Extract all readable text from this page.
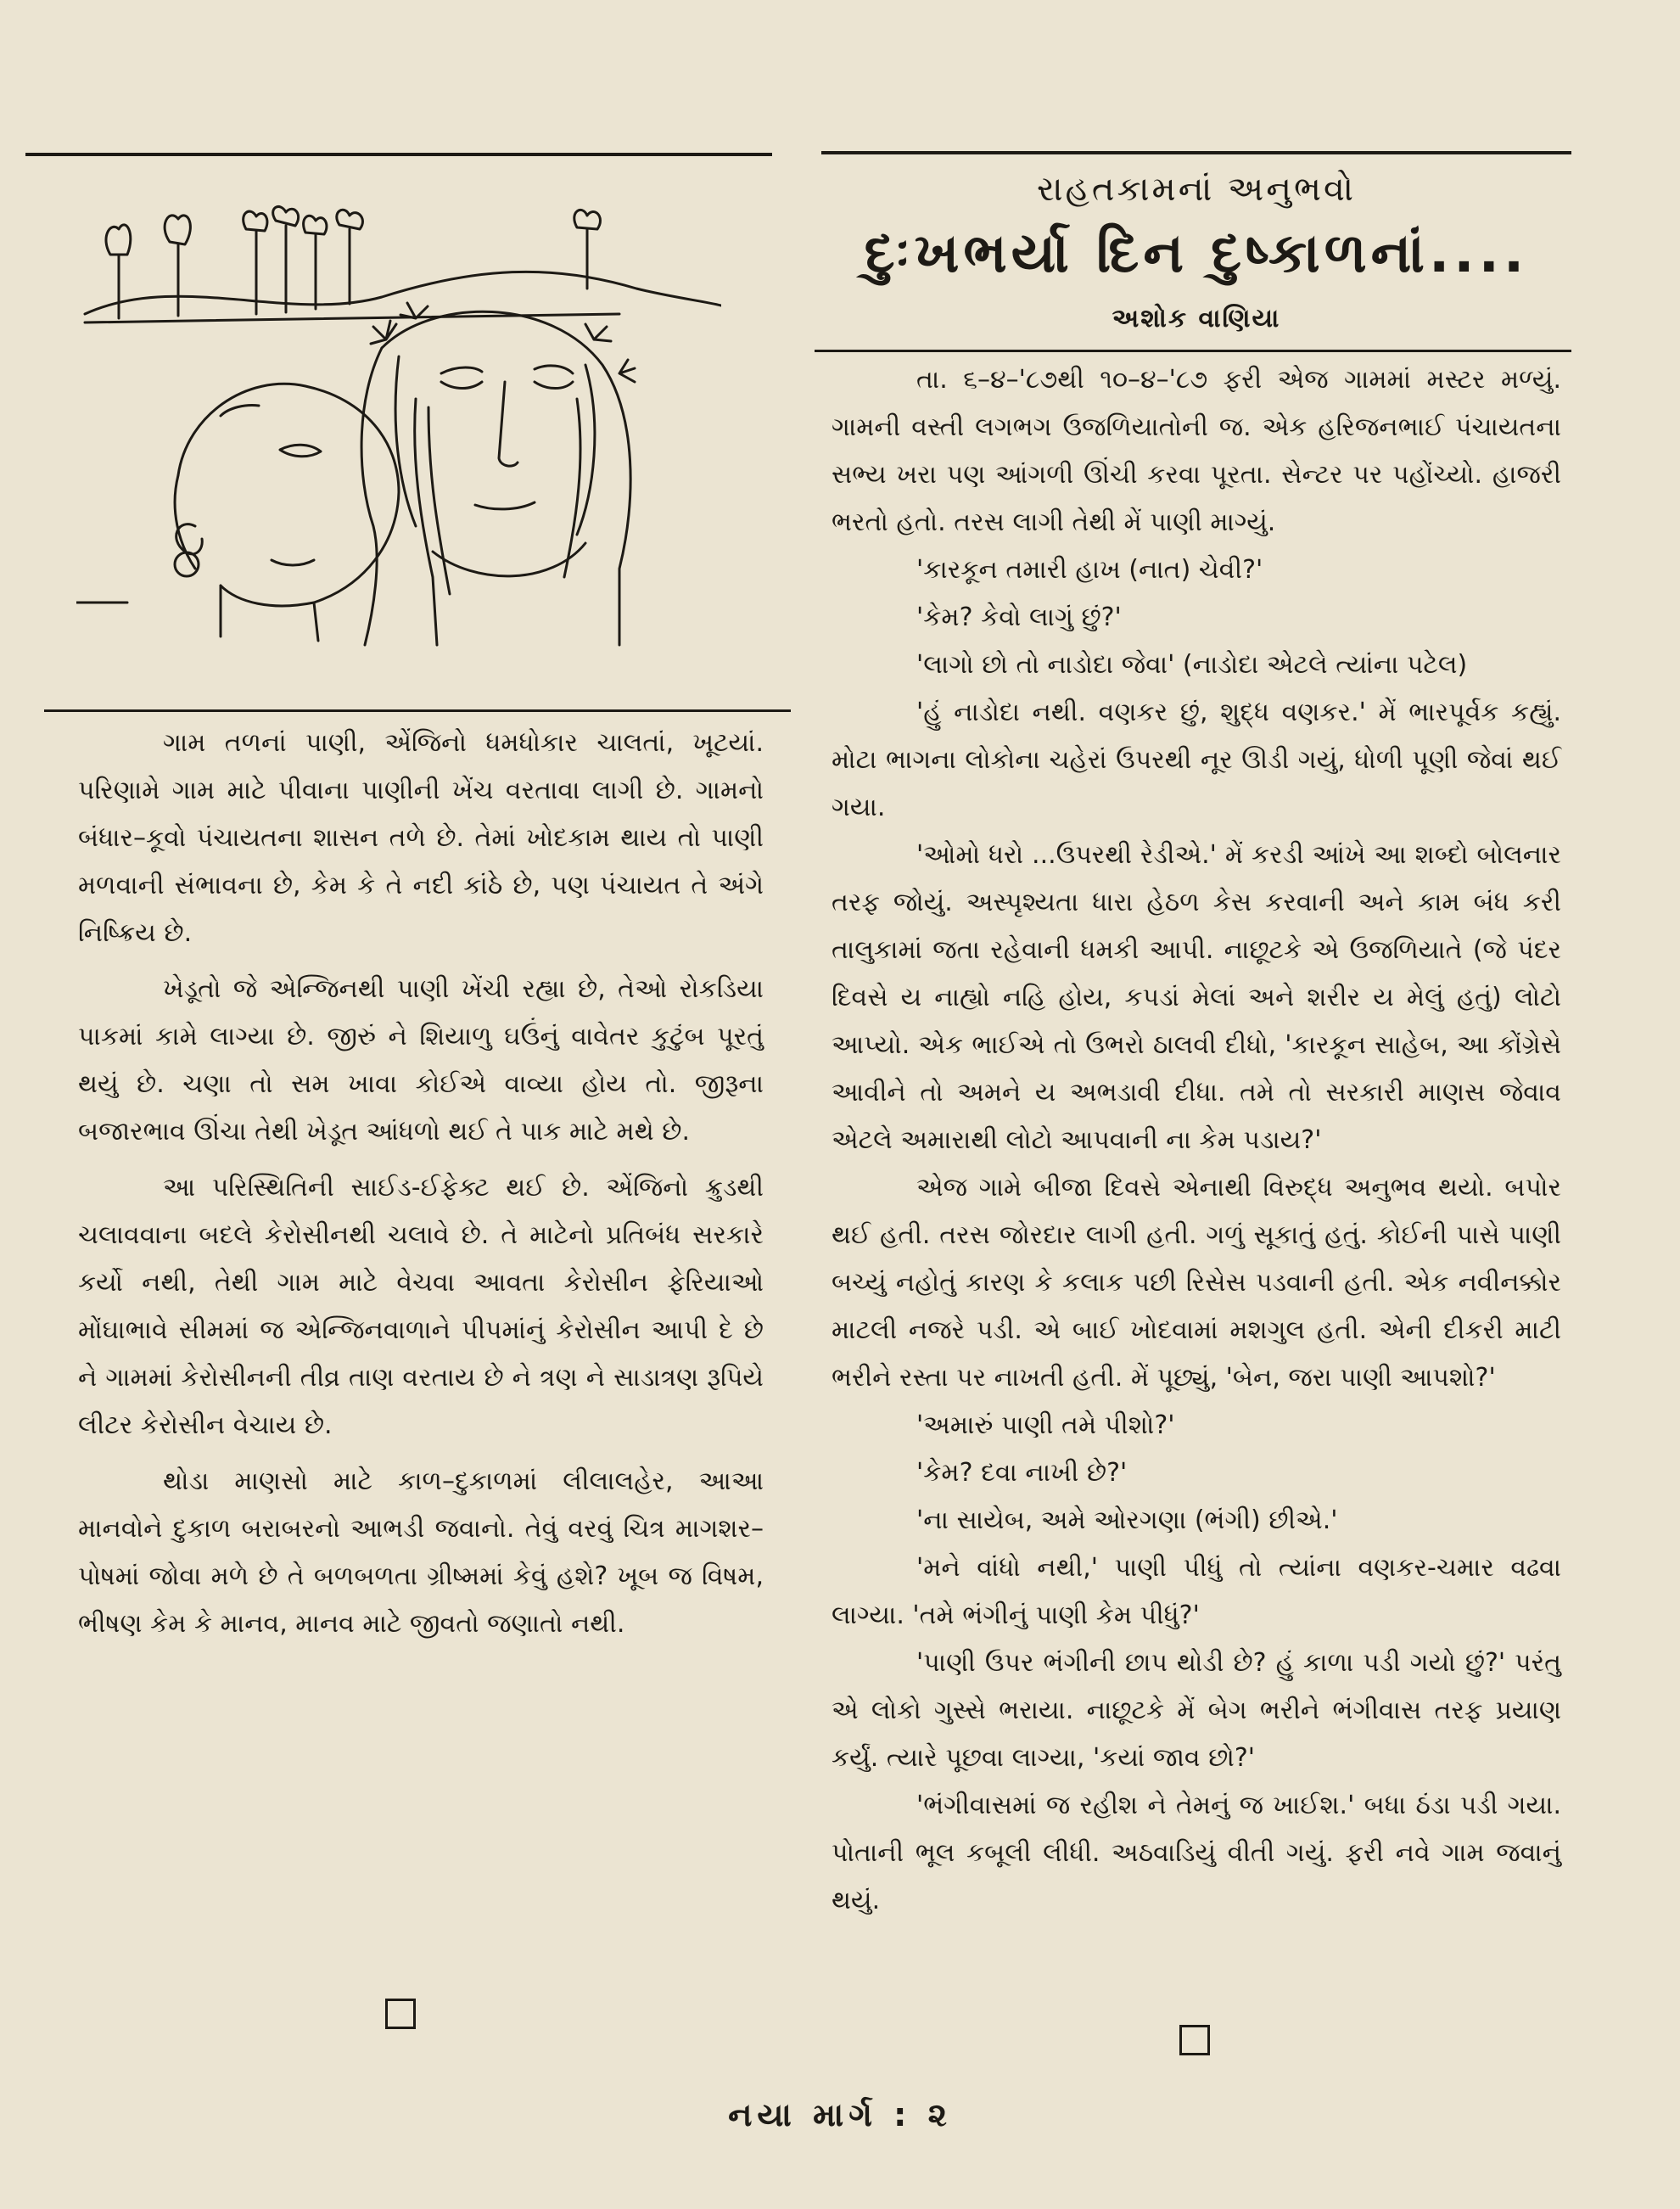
ગામ તળનાં પાણી, એંજિનો ધમધોકાર ચાલતાં, ખૂટયાં. પરિણામે ગામ માટે પીવાના પાણીની ખેંચ વરતાવા લાગી છે. ગામનો બંધાર–કૂવો પંચાયતના શાસન તળે છે. તેમાં ખોદકામ થાય તો પાણી મળવાની સંભાવના છે, કેમ કે તે નદી કાંઠે છે, પણ પંચાયત તે અંગે નિષ્ક્રિય છે.

ખેડૂતો જે એન્જિનથી પાણી ખેંચી રહ્યા છે, તેઓ રોકડિયા પાકમાં કામે લાગ્યા છે. જીરું ને શિયાળુ ઘઉંનું વાવેતર કુટુંબ પૂરતું થયું છે. ચણા તો સમ ખાવા કોઈએ વાવ્યા હોય તો. જીરૂના બજારભાવ ઊંચા તેથી ખેડૂત આંધળો થઈ તે પાક માટે મથે છે.

આ પરિસ્થિતિની સાઈડ-ઈફેક્ટ થઈ છે. એંજિનો ક્રુડથી ચલાવવાના બદલે કેરોસીનથી ચલાવે છે. તે માટેનો પ્રતિબંધ સરકારે કર્યો નથી, તેથી ગામ માટે વેચવા આવતા કેરોસીન ફેરિયાઓ મોંઘાભાવે સીમમાં જ એન્જિનવાળાને પીપમાંનું કેરોસીન આપી દે છે ને ગામમાં કેરોસીનની તીવ્ર તાણ વરતાય છે ને ત્રણ ને સાડાત્રણ રૂપિયે લીટર કેરોસીન વેચાય છે.

થોડા માણસો માટે કાળ–દુકાળમાં લીલાલહેર, આઆ માનવોને દુકાળ બરાબરનો આભડી જવાનો. તેવું વરવું ચિત્ર માગશર–પોષમાં જોવા મળે છે તે બળબળતા ગ્રીષ્મમાં કેવું હશે? ખૂબ જ વિષમ, ભીષણ કેમ કે માનવ, માનવ માટે જીવતો જણાતો નથી.

રાહતકામનાં અનુભવો
દુઃખભર્યા દિન દુષ્કાળનાં....
અશોક વાણિયા

તા. ૬–૪–'૮૭થી ૧૦–૪–'૮૭ ફરી એજ ગામમાં મસ્ટર મળ્યું. ગામની વસ્તી લગભગ ઉજળિયાતોની જ. એક હરિજનભાઈ પંચાયતના સભ્ય ખરા પણ આંગળી ઊંચી કરવા પૂરતા. સેન્ટર પર પહોંચ્યો. હાજરી ભરતો હતો. તરસ લાગી તેથી મેં પાણી માગ્યું.

'કારકૂન તમારી હાખ (નાત) ચેવી?'

'કેમ? કેવો લાગું છું?'

'લાગો છો તો નાડોદા જેવા' (નાડોદા એટલે ત્યાંના પટેલ)

'હું નાડોદા નથી. વણકર છું, શુદ્ધ વણકર.' મેં ભારપૂર્વક કહ્યું. મોટા ભાગના લોકોના ચહેરાં ઉપરથી નૂર ઊડી ગયું, ધોળી પૂણી જેવાં થઈ ગયા.

'ઓમો ધરો ...ઉપરથી રેડીએ.' મેં કરડી આંખે આ શબ્દો બોલનાર તરફ જોયું. અસ્પૃશ્યતા ધારા હેઠળ કેસ કરવાની અને કામ બંધ કરી તાલુકામાં જતા રહેવાની ધમકી આપી. નાછૂટકે એ ઉજળિયાતે (જે પંદર દિવસે ય નાહ્યો નહિ હોય, કપડાં મેલાં અને શરીર ય મેલું હતું) લોટો આપ્યો. એક ભાઈએ તો ઉભરો ઠાલવી દીધો, 'કારકૂન સાહેબ, આ કોંગ્રેસે આવીને તો અમને ય અભડાવી દીધા. તમે તો સરકારી માણસ જેવાવ એટલે અમારાથી લોટો આપવાની ના કેમ પડાય?'

એજ ગામે બીજા દિવસે એનાથી વિરુદ્ધ અનુભવ થયો. બપોર થઈ હતી. તરસ જોરદાર લાગી હતી. ગળું સૂકાતું હતું. કોઈની પાસે પાણી બચ્યું નહોતું કારણ કે કલાક પછી રિસેસ પડવાની હતી. એક નવીનક્કોર માટલી નજરે પડી. એ બાઈ ખોદવામાં મશગુલ હતી. એની દીકરી માટી ભરીને રસ્તા પર નાખતી હતી. મેં પૂછ્યું, 'બેન, જરા પાણી આપશો?'

'અમારું પાણી તમે પીશો?'

'કેમ? દવા નાખી છે?'

'ના સાયેબ, અમે ઓરગણા (ભંગી) છીએ.'

'મને વાંધો નથી,' પાણી પીધું તો ત્યાંના વણકર-ચમાર વઢવા લાગ્યા. 'તમે ભંગીનું પાણી કેમ પીધું?'

'પાણી ઉપર ભંગીની છાપ થોડી છે? હું કાળા પડી ગયો છું?' પરંતુ એ લોકો ગુસ્સે ભરાયા. નાછૂટકે મેં બેગ ભરીને ભંગીવાસ તરફ પ્રયાણ કર્યું. ત્યારે પૂછવા લાગ્યા, 'કયાં જાવ છો?'

'ભંગીવાસમાં જ રહીશ ને તેમનું જ ખાઈશ.' બધા ઠંડા પડી ગયા. પોતાની ભૂલ કબૂલી લીધી. અઠવાડિયું વીતી ગયું. ફરી નવે ગામ જવાનું થયું.

નયા માર્ગ : ૨
